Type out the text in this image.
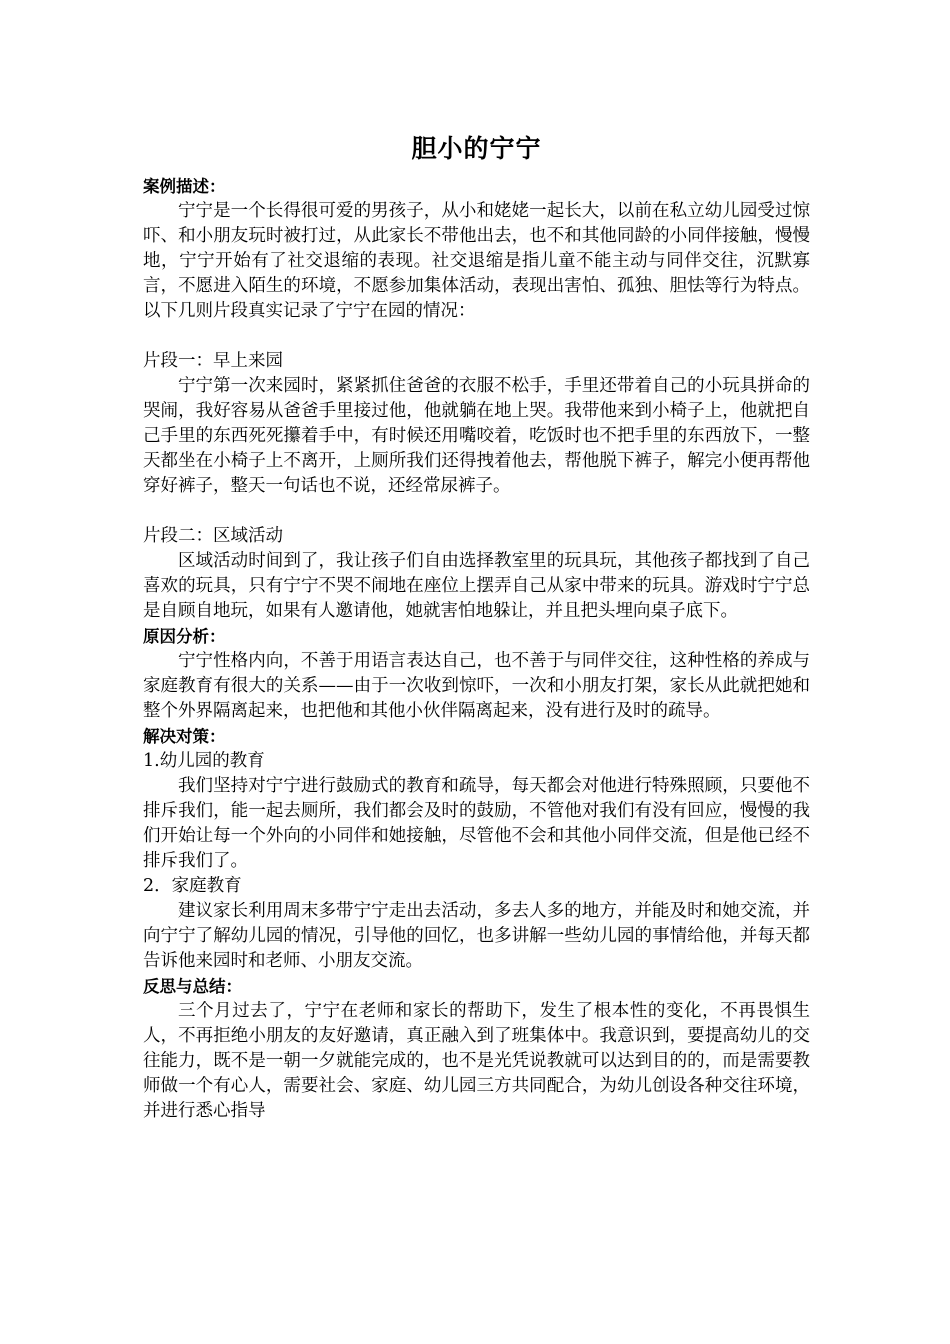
胆小的宁宁
案例描述：

宁宁是一个长得很可爱的男孩子，从小和姥姥一起长大，以前在私立幼儿园受过惊吓、和小朋友玩时被打过，从此家长不带他出去，也不和其他同龄的小同伴接触，慢慢地，宁宁开始有了社交退缩的表现。社交退缩是指儿童不能主动与同伴交往，沉默寡言，不愿进入陌生的环境，不愿参加集体活动，表现出害怕、孤独、胆怯等行为特点。以下几则片段真实记录了宁宁在园的情况：

片段一：早上来园

宁宁第一次来园时，紧紧抓住爸爸的衣服不松手，手里还带着自己的小玩具拼命的哭闹，我好容易从爸爸手里接过他，他就躺在地上哭。我带他来到小椅子上，他就把自己手里的东西死死攥着手中，有时候还用嘴咬着，吃饭时也不把手里的东西放下，一整天都坐在小椅子上不离开，上厕所我们还得拽着他去，帮他脱下裤子，解完小便再帮他穿好裤子，整天一句话也不说，还经常尿裤子。

片段二：区域活动

区域活动时间到了，我让孩子们自由选择教室里的玩具玩，其他孩子都找到了自己喜欢的玩具，只有宁宁不哭不闹地在座位上摆弄自己从家中带来的玩具。游戏时宁宁总是自顾自地玩，如果有人邀请他，她就害怕地躲让，并且把头埋向桌子底下。

原因分析：

宁宁性格内向，不善于用语言表达自己，也不善于与同伴交往，这种性格的养成与家庭教育有很大的关系——由于一次收到惊吓，一次和小朋友打架，家长从此就把她和整个外界隔离起来，也把他和其他小伙伴隔离起来，没有进行及时的疏导。

解决对策：
1.幼儿园的教育

我们坚持对宁宁进行鼓励式的教育和疏导，每天都会对他进行特殊照顾，只要他不排斥我们，能一起去厕所，我们都会及时的鼓励，不管他对我们有没有回应，慢慢的我们开始让每一个外向的小同伴和她接触，尽管他不会和其他小同伴交流，但是他已经不排斥我们了。

2．家庭教育

建议家长利用周末多带宁宁走出去活动，多去人多的地方，并能及时和她交流，并向宁宁了解幼儿园的情况，引导他的回忆，也多讲解一些幼儿园的事情给他，并每天都告诉他来园时和老师、小朋友交流。

反思与总结：

三个月过去了，宁宁在老师和家长的帮助下，发生了根本性的变化，不再畏惧生人，不再拒绝小朋友的友好邀请，真正融入到了班集体中。我意识到，要提高幼儿的交往能力，既不是一朝一夕就能完成的，也不是光凭说教就可以达到目的的，而是需要教师做一个有心人，需要社会、家庭、幼儿园三方共同配合，为幼儿创设各种交往环境，并进行悉心指导
